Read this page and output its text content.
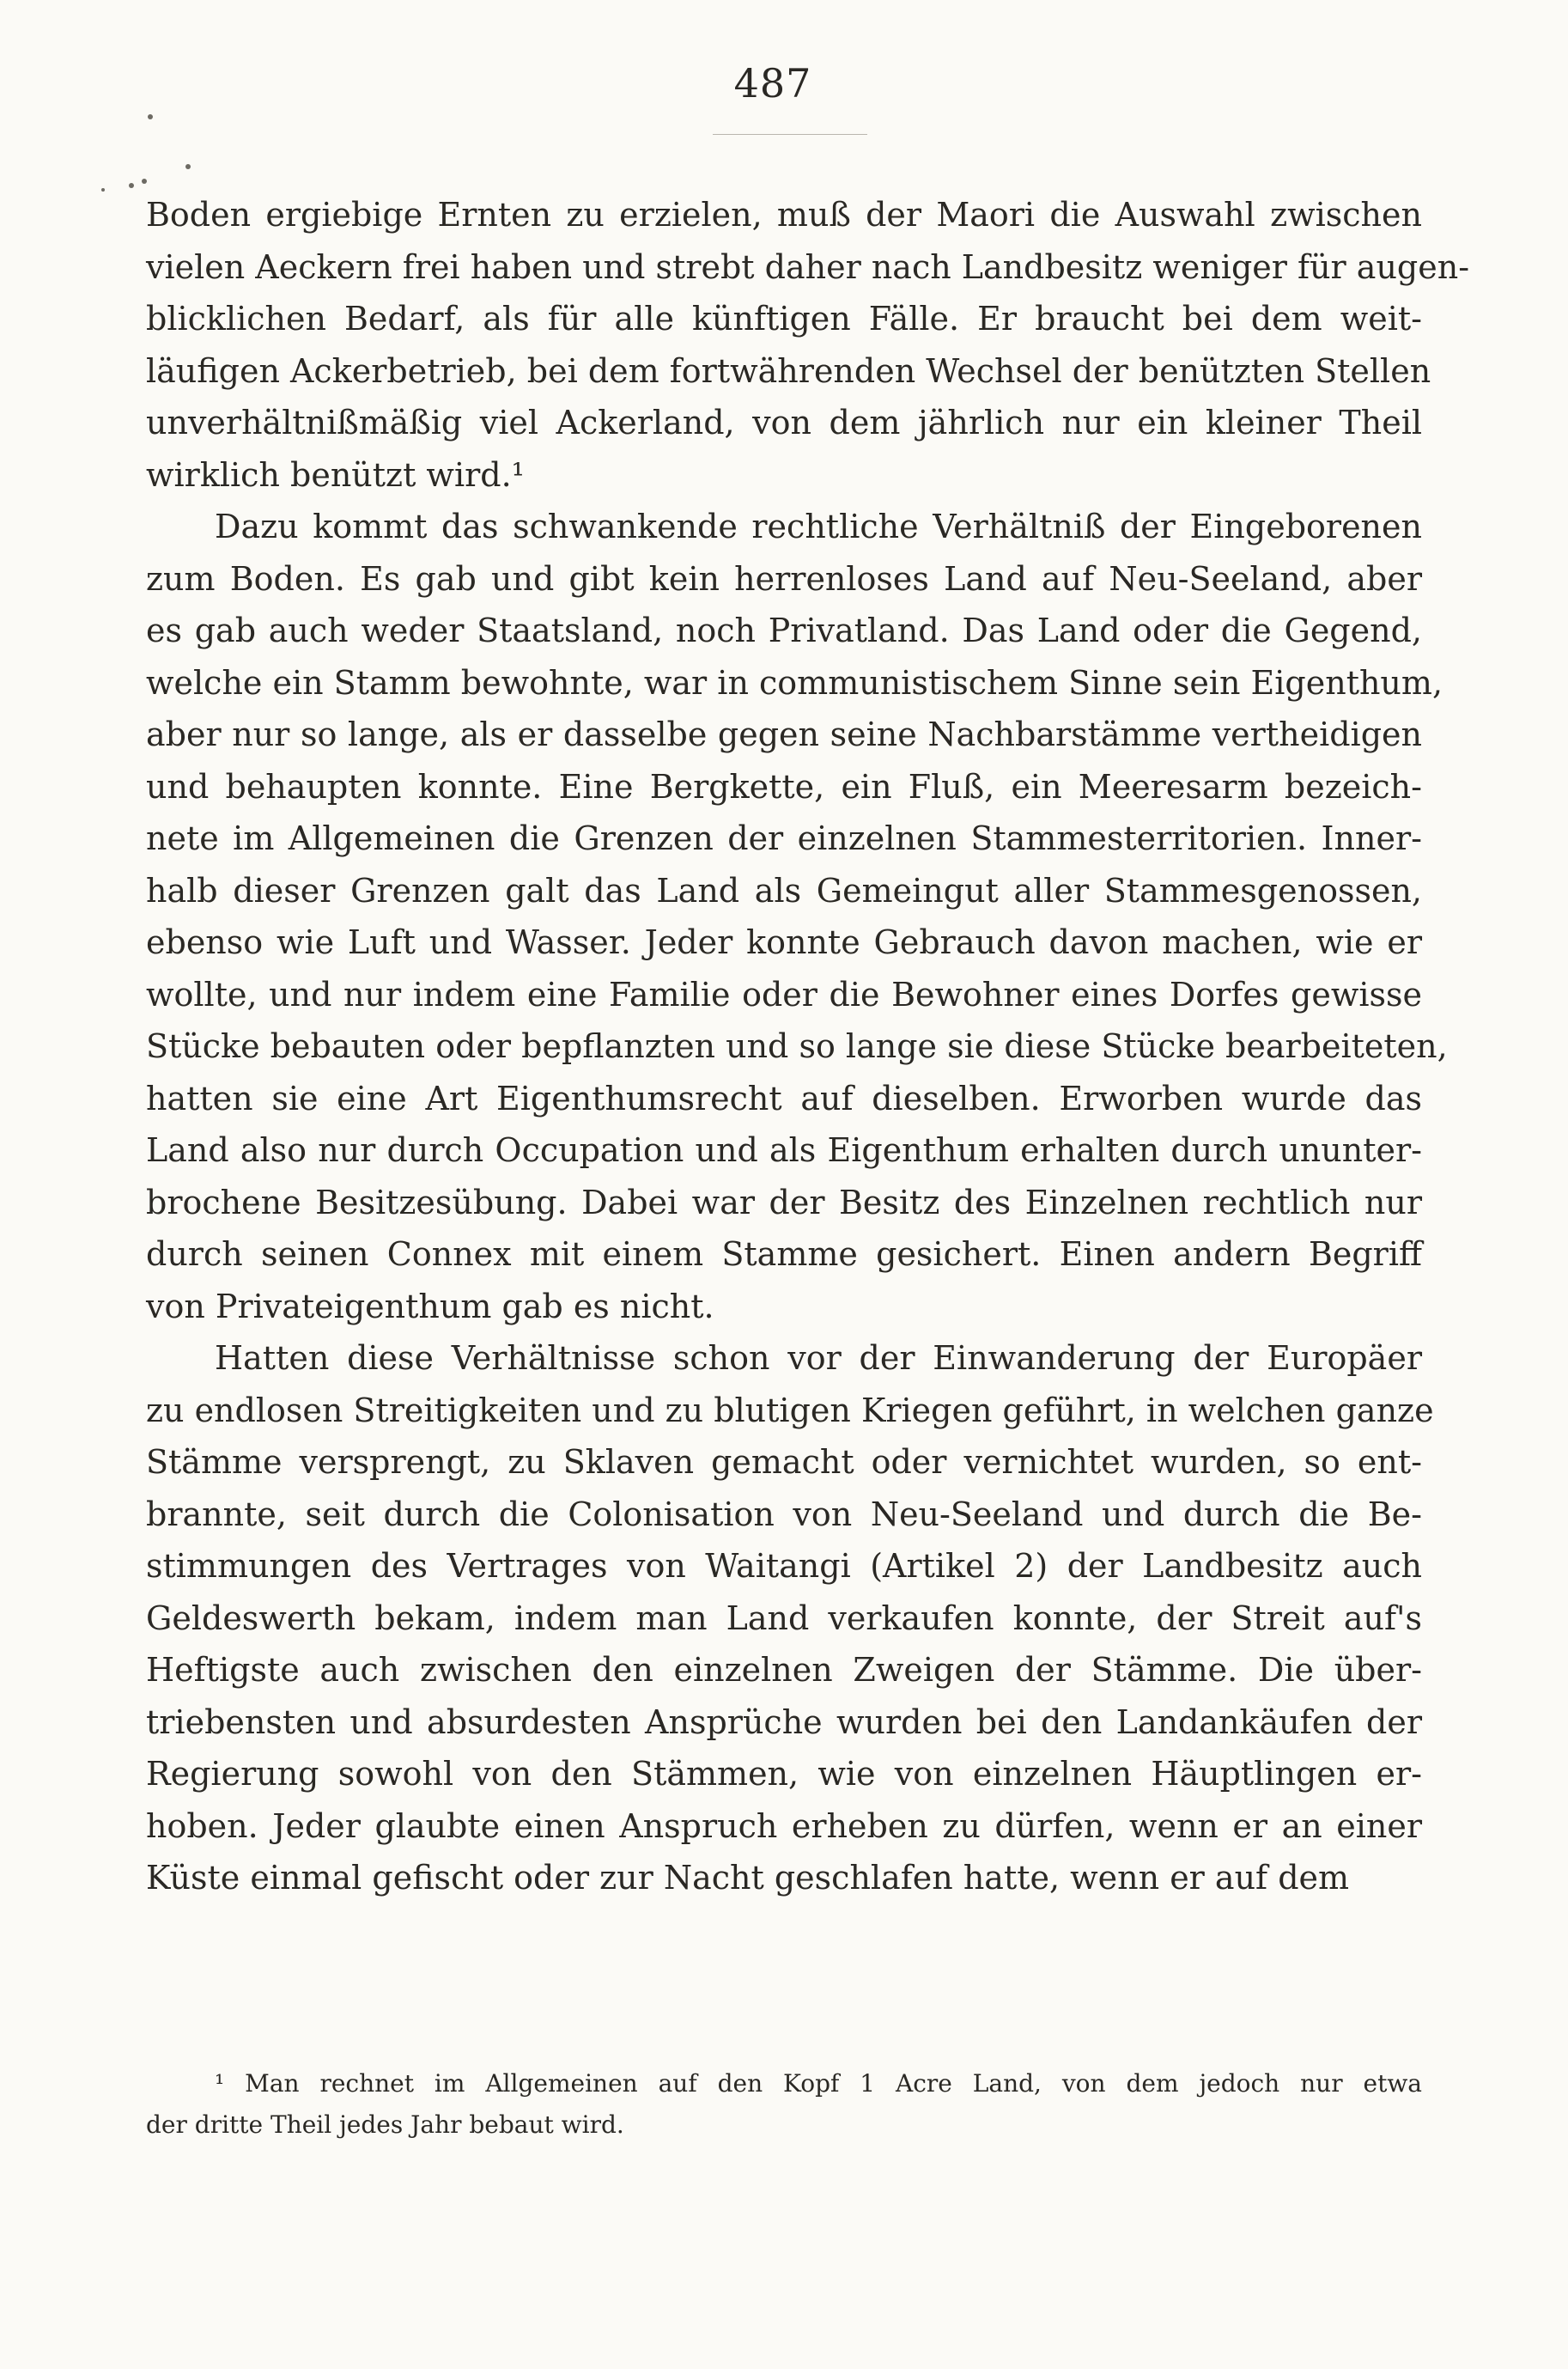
487
Boden ergiebige Ernten zu erzielen, muß der Maori die Auswahl zwischen
vielen Aeckern frei haben und strebt daher nach Landbesitz weniger für augen-
blicklichen Bedarf, als für alle künftigen Fälle. Er braucht bei dem weit-
läufigen Ackerbetrieb, bei dem fortwährenden Wechsel der benützten Stellen
unverhältnißmäßig viel Ackerland, von dem jährlich nur ein kleiner Theil
wirklich benützt wird.¹
Dazu kommt das schwankende rechtliche Verhältniß der Eingeborenen
zum Boden. Es gab und gibt kein herrenloses Land auf Neu-Seeland, aber
es gab auch weder Staatsland, noch Privatland. Das Land oder die Gegend,
welche ein Stamm bewohnte, war in communistischem Sinne sein Eigenthum,
aber nur so lange, als er dasselbe gegen seine Nachbarstämme vertheidigen
und behaupten konnte. Eine Bergkette, ein Fluß, ein Meeresarm bezeich-
nete im Allgemeinen die Grenzen der einzelnen Stammesterritorien. Inner-
halb dieser Grenzen galt das Land als Gemeingut aller Stammesgenossen,
ebenso wie Luft und Wasser. Jeder konnte Gebrauch davon machen, wie er
wollte, und nur indem eine Familie oder die Bewohner eines Dorfes gewisse
Stücke bebauten oder bepflanzten und so lange sie diese Stücke bearbeiteten,
hatten sie eine Art Eigenthumsrecht auf dieselben. Erworben wurde das
Land also nur durch Occupation und als Eigenthum erhalten durch ununter-
brochene Besitzesübung. Dabei war der Besitz des Einzelnen rechtlich nur
durch seinen Connex mit einem Stamme gesichert. Einen andern Begriff
von Privateigenthum gab es nicht.
Hatten diese Verhältnisse schon vor der Einwanderung der Europäer
zu endlosen Streitigkeiten und zu blutigen Kriegen geführt, in welchen ganze
Stämme versprengt, zu Sklaven gemacht oder vernichtet wurden, so ent-
brannte, seit durch die Colonisation von Neu-Seeland und durch die Be-
stimmungen des Vertrages von Waitangi (Artikel 2) der Landbesitz auch
Geldeswerth bekam, indem man Land verkaufen konnte, der Streit auf's
Heftigste auch zwischen den einzelnen Zweigen der Stämme. Die über-
triebensten und absurdesten Ansprüche wurden bei den Landankäufen der
Regierung sowohl von den Stämmen, wie von einzelnen Häuptlingen er-
hoben. Jeder glaubte einen Anspruch erheben zu dürfen, wenn er an einer
Küste einmal gefischt oder zur Nacht geschlafen hatte, wenn er auf dem
¹ Man rechnet im Allgemeinen auf den Kopf 1 Acre Land, von dem jedoch nur etwa
der dritte Theil jedes Jahr bebaut wird.
